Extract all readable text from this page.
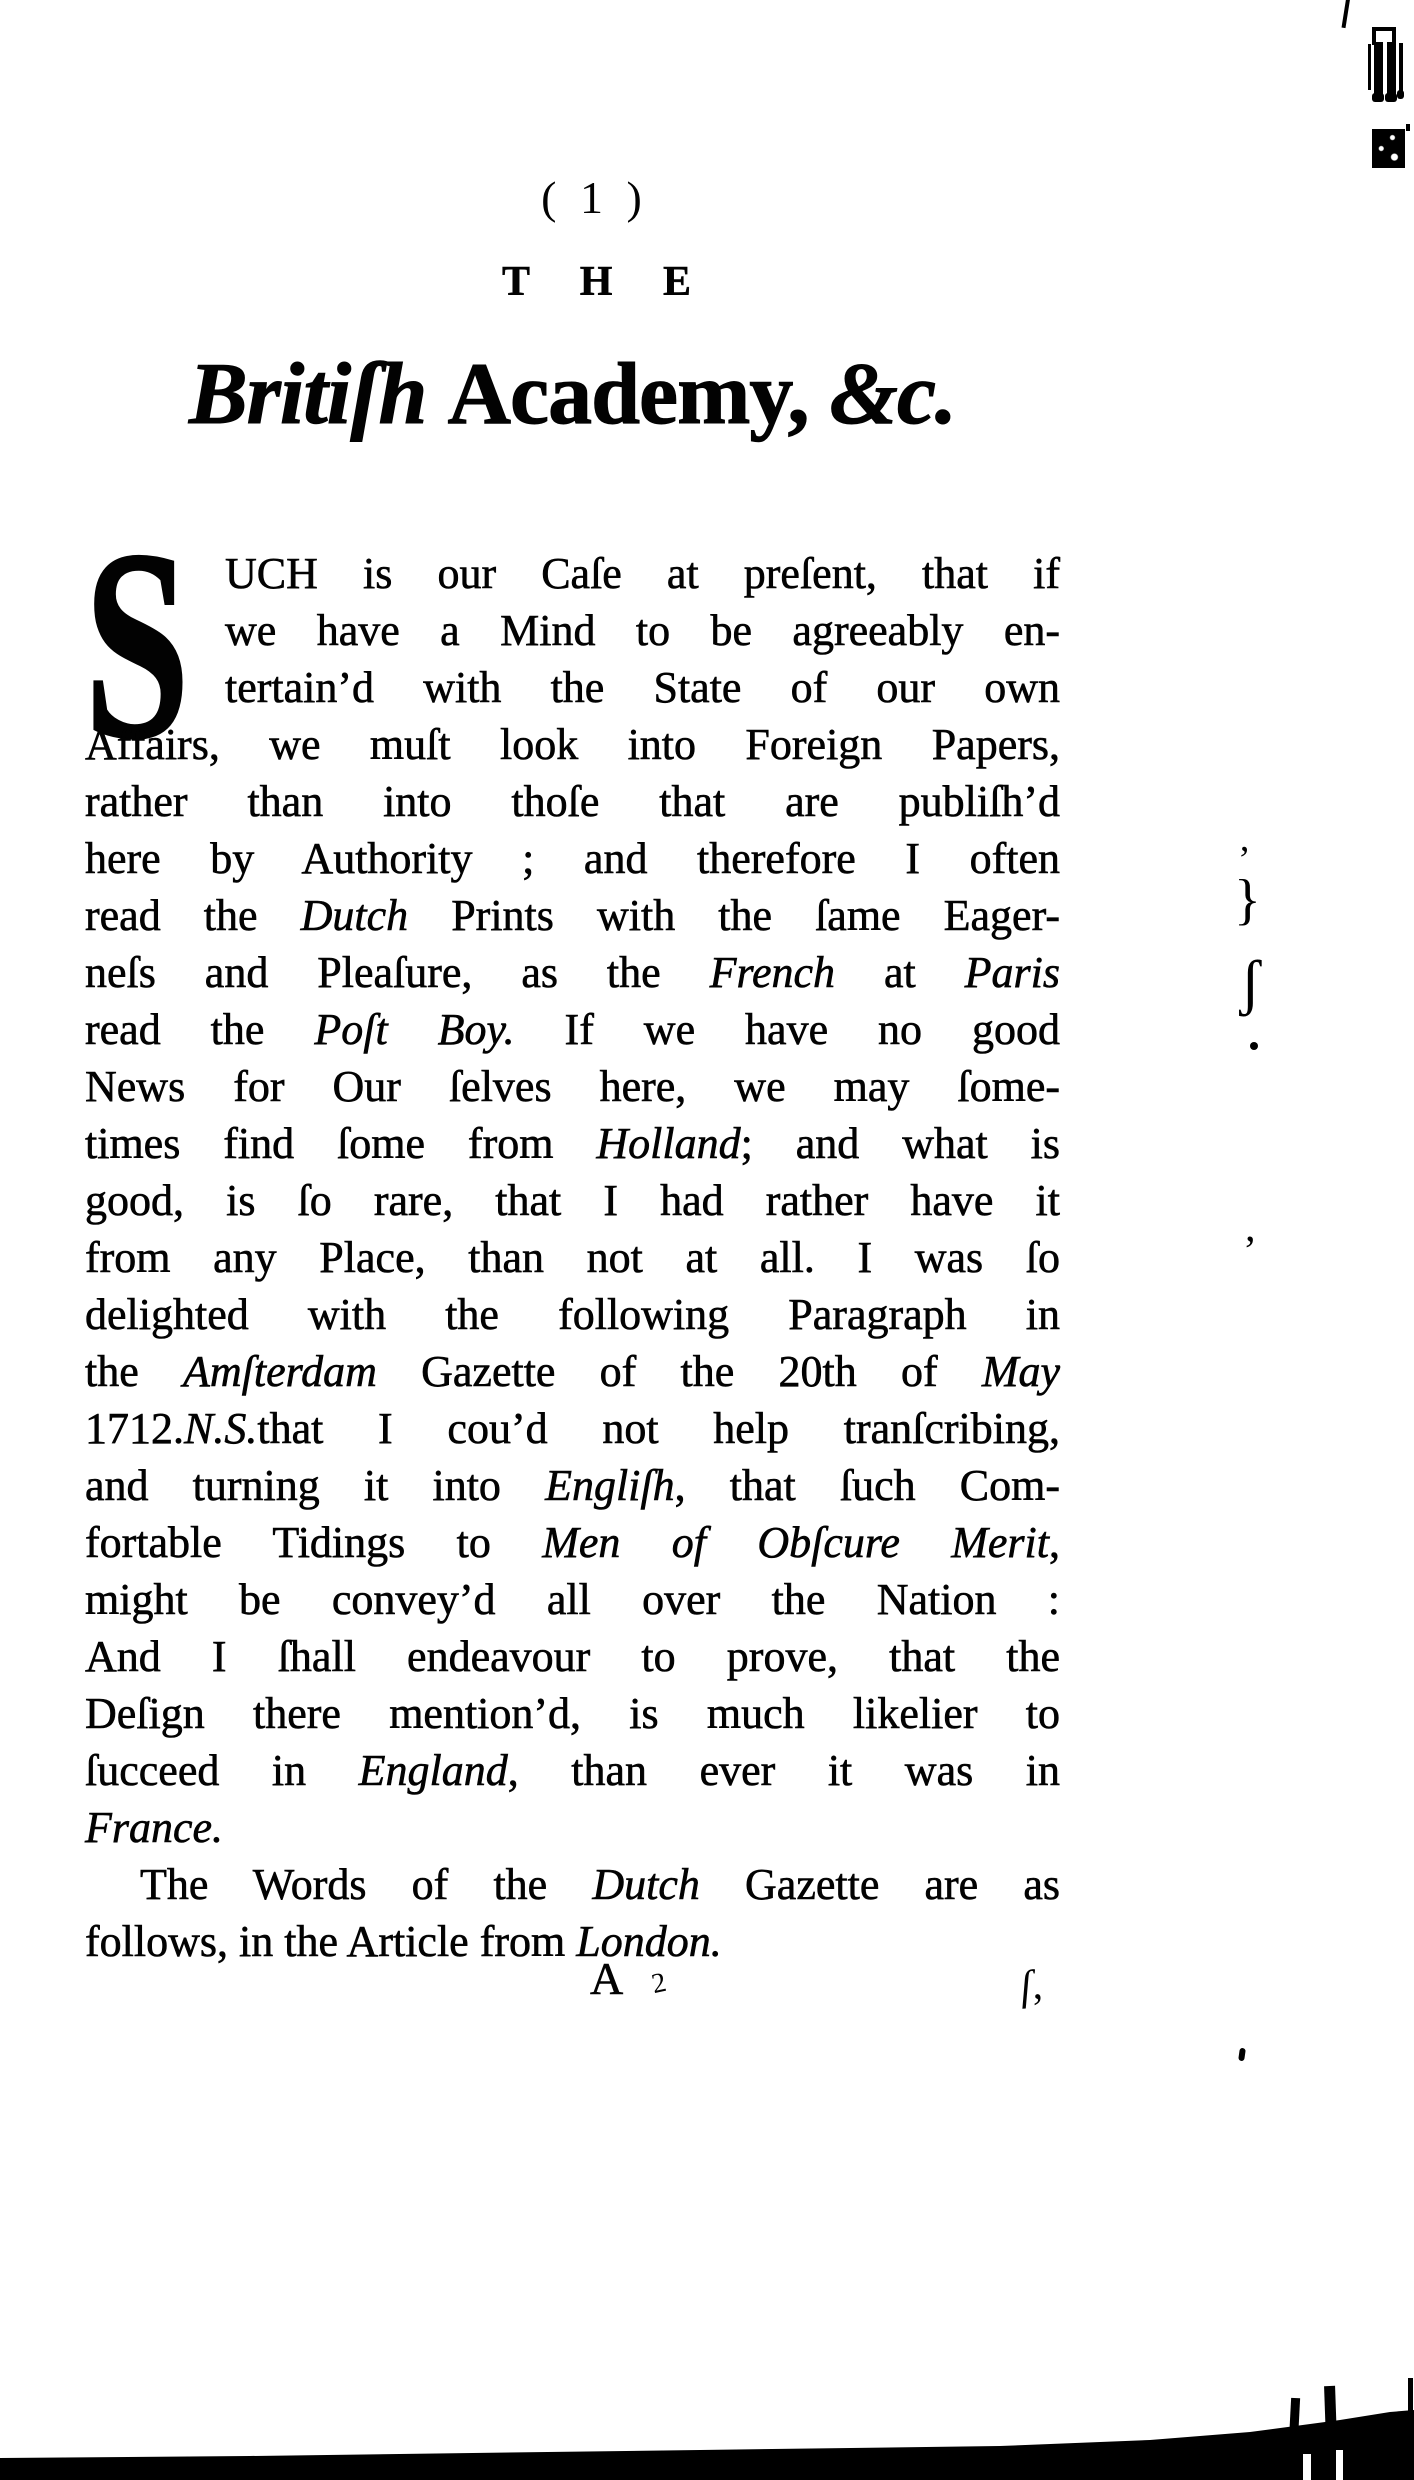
( 1 )
T H E
Britiſh Academy, &c.
S UCH is our Caſe at preſent, that if
we have a Mind to be agreeably en-
tertain’d with the State of our own
Affairs, we muſt look into Foreign Papers,
rather than into thoſe that are publiſh’d
here by Authority ; and therefore I often
read the Dutch Prints with the ſame Eager-
neſs and Pleaſure, as the French at Paris
read the Poſt Boy. If we have no good
News for Our ſelves here, we may ſome-
times find ſome from Holland; and what is
good, is ſo rare, that I had rather have it
from any Place, than not at all. I was ſo
delighted with the following Paragraph in
the Amſterdam Gazette of the 20th of May
1712.N.S.that I cou’d not help tranſcribing,
and turning it into Engliſh, that ſuch Com-
fortable Tidings to Men of Obſcure Merit,
might be convey’d all over the Nation :
And I ſhall endeavour to prove, that the
Deſign there mention’d, is much likelier to
ſucceed in England, than ever it was in
France.
The Words of the Dutch Gazette are as
follows, in the Article from London.
A 2	ſ,
’
}
ʃ
‚
